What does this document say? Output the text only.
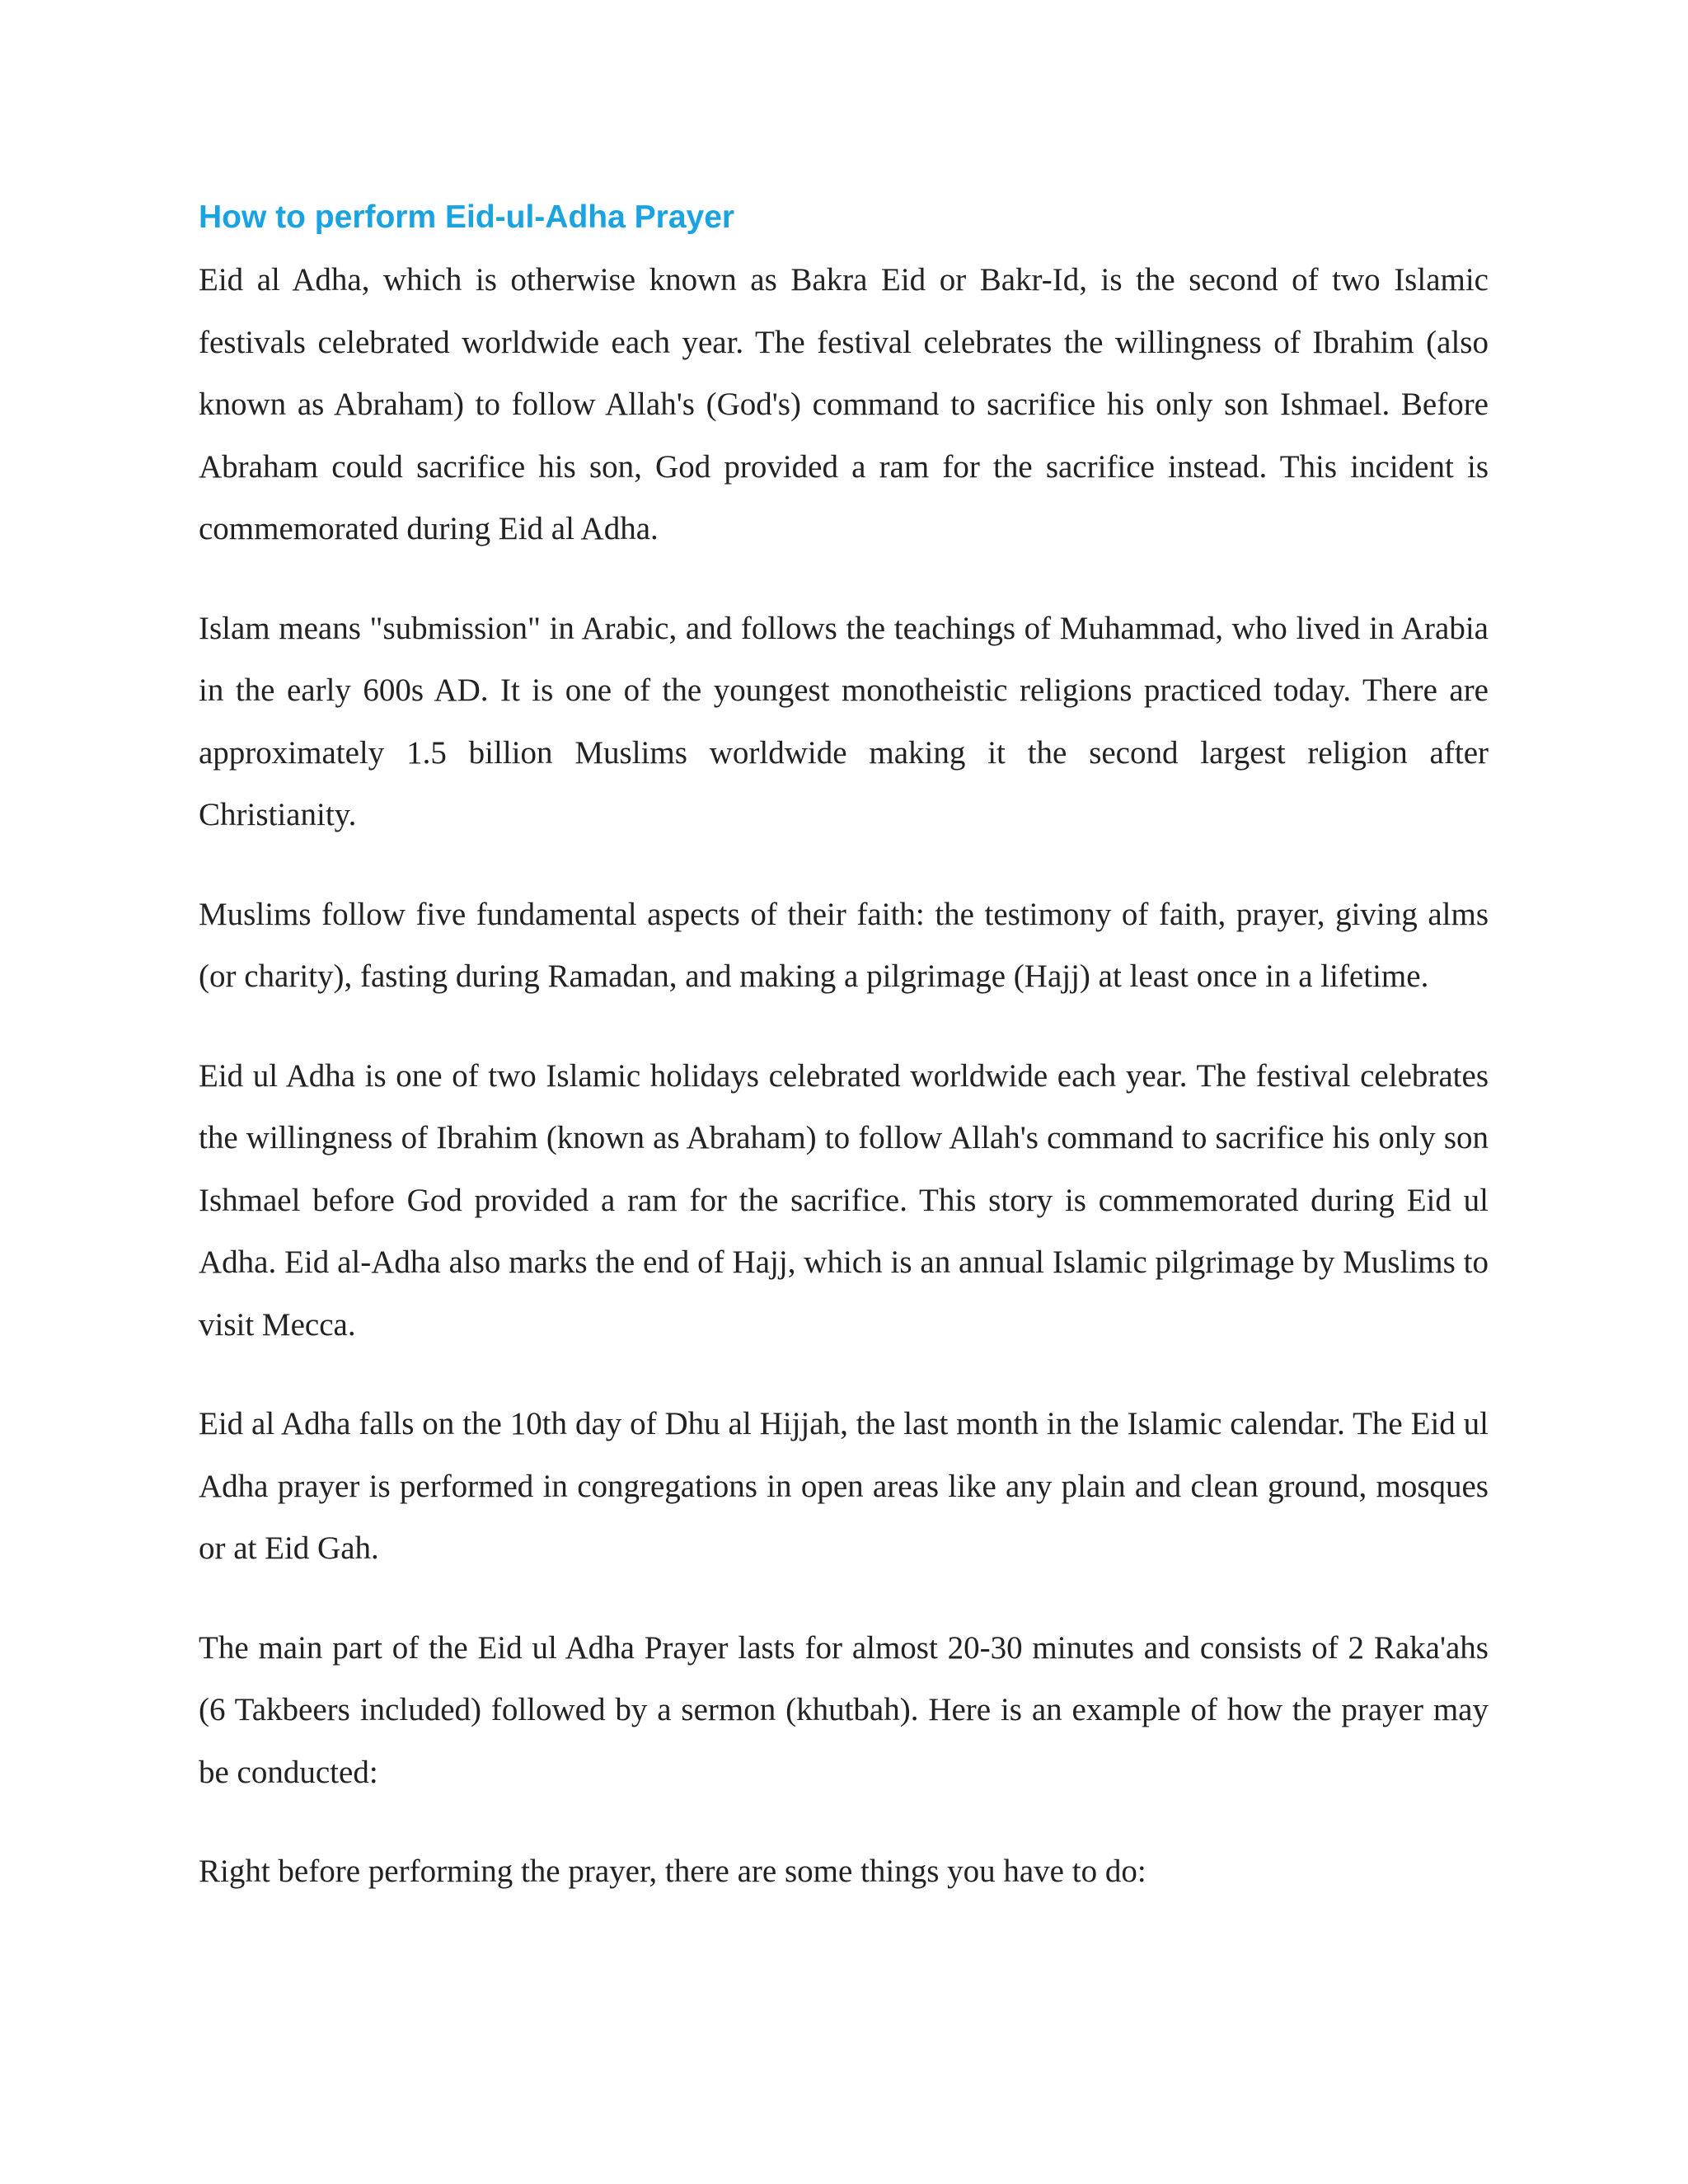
How to perform Eid-ul-Adha Prayer

Eid al Adha, which is otherwise known as Bakra Eid or Bakr-Id, is the second of two Islamic festivals celebrated worldwide each year. The festival celebrates the willingness of Ibrahim (also known as Abraham) to follow Allah's (God's) command to sacrifice his only son Ishmael. Before Abraham could sacrifice his son, God provided a ram for the sacrifice instead. This incident is commemorated during Eid al Adha.

Islam means "submission" in Arabic, and follows the teachings of Muhammad, who lived in Arabia in the early 600s AD. It is one of the youngest monotheistic religions practiced today. There are approximately 1.5 billion Muslims worldwide making it the second largest religion after Christianity.

Muslims follow five fundamental aspects of their faith: the testimony of faith, prayer, giving alms (or charity), fasting during Ramadan, and making a pilgrimage (Hajj) at least once in a lifetime.

Eid ul Adha is one of two Islamic holidays celebrated worldwide each year. The festival celebrates the willingness of Ibrahim (known as Abraham) to follow Allah's command to sacrifice his only son Ishmael before God provided a ram for the sacrifice. This story is commemorated during Eid ul Adha. Eid al-Adha also marks the end of Hajj, which is an annual Islamic pilgrimage by Muslims to visit Mecca.

Eid al Adha falls on the 10th day of Dhu al Hijjah, the last month in the Islamic calendar. The Eid ul Adha prayer is performed in congregations in open areas like any plain and clean ground, mosques or at Eid Gah.

The main part of the Eid ul Adha Prayer lasts for almost 20-30 minutes and consists of 2 Raka'ahs (6 Takbeers included) followed by a sermon (khutbah). Here is an example of how the prayer may be conducted:

Right before performing the prayer, there are some things you have to do:
